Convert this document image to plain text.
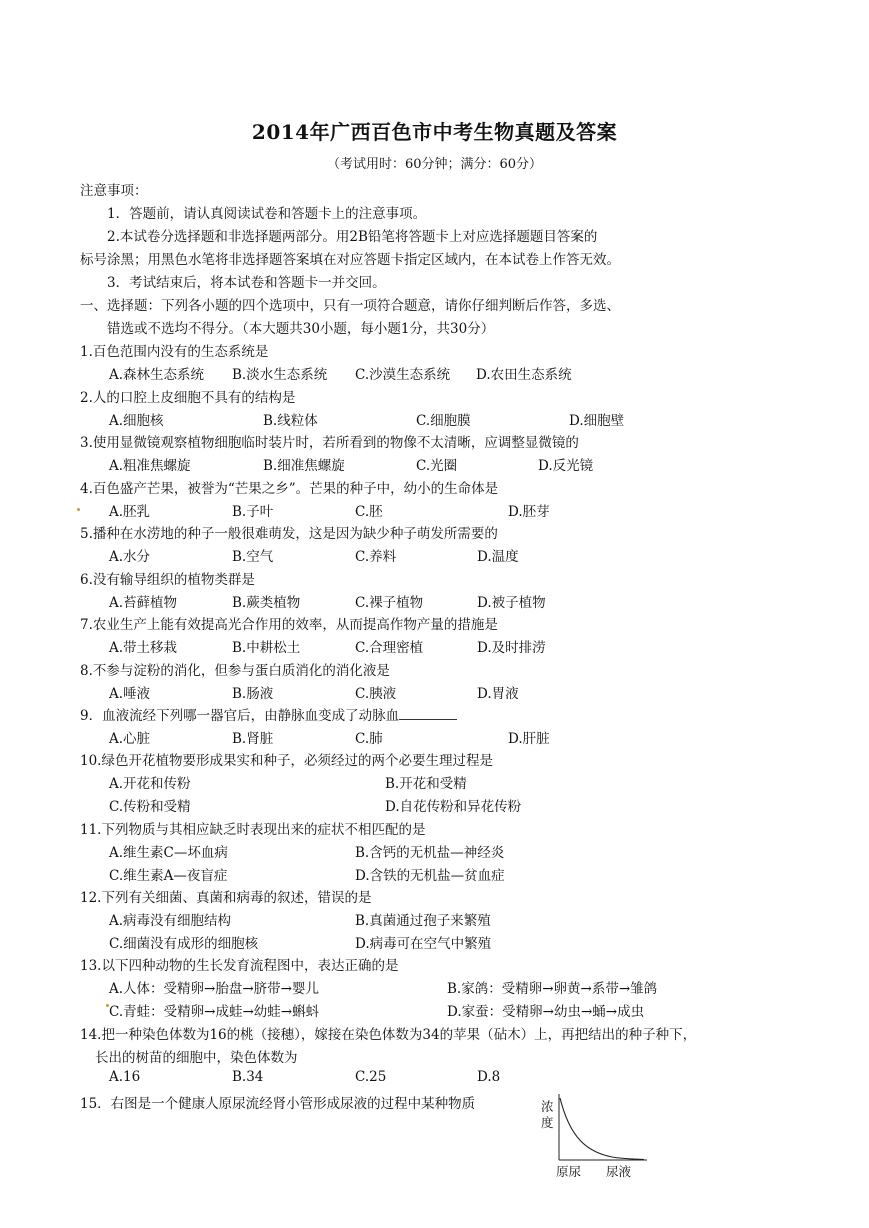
2014年广西百色市中考生物真题及答案
（考试用时：60分钟；满分：60分）
注意事项：
1．答题前，请认真阅读试卷和答题卡上的注意事项。
2.本试卷分选择题和非选择题两部分。用2B铅笔将答题卡上对应选择题题目答案的
标号涂黑；用黑色水笔将非选择题答案填在对应答题卡指定区域内，在本试卷上作答无效。
3．考试结束后，将本试卷和答题卡一并交回。
一、选择题：下列各小题的四个选项中，只有一项符合题意，请你仔细判断后作答，多选、
错选或不选均不得分。（本大题共30小题，每小题1分，共30分）
1.百色范围内没有的生态系统是
A.森林生态系统 B.淡水生态系统 C.沙漠生态系统 D.农田生态系统
2.人的口腔上皮细胞不具有的结构是
A.细胞核	B.线粒体	C.细胞膜	D.细胞壁
3.使用显微镜观察植物细胞临时装片时，若所看到的物像不太清晰，应调整显微镜的
A.粗准焦螺旋	B.细准焦螺旋	C.光圈	D.反光镜
4.百色盛产芒果，被誉为“芒果之乡”。芒果的种子中，幼小的生命体是
A.胚乳	B.子叶	C.胚	D.胚芽
5.播种在水涝地的种子一般很难萌发，这是因为缺少种子萌发所需要的
A.水分	B.空气	C.养料	D.温度
6.没有输导组织的植物类群是
A.苔藓植物	B.蕨类植物	C.裸子植物	D.被子植物
7.农业生产上能有效提高光合作用的效率，从而提高作物产量的措施是
A.带土移栽	B.中耕松土	C.合理密植	D.及时排涝
8.不参与淀粉的消化，但参与蛋白质消化的消化液是
A.唾液	B.肠液	C.胰液	D.胃液
9．血液流经下列哪一器官后，由静脉血变成了动脉血
A.心脏	B.肾脏	C.肺	D.肝脏
10.绿色开花植物要形成果实和种子，必须经过的两个必要生理过程是
A.开花和传粉	B.开花和受精
C.传粉和受精	D.自花传粉和异花传粉
11.下列物质与其相应缺乏时表现出来的症状不相匹配的是
A.维生素C—坏血病	B.含钙的无机盐—神经炎
C.维生素A—夜盲症	D.含铁的无机盐—贫血症
12.下列有关细菌、真菌和病毒的叙述，错误的是
A.病毒没有细胞结构	B.真菌通过孢子来繁殖
C.细菌没有成形的细胞核	D.病毒可在空气中繁殖
13.以下四种动物的生长发育流程图中，表达正确的是
A.人体：受精卵→胎盘→脐带→婴儿	B.家鸽：受精卵→卵黄→系带→雏鸽
C.青蛙：受精卵→成蛙→幼蛙→蝌蚪	D.家蚕：受精卵→幼虫→蛹→成虫
14.把一种染色体数为16的桃（接穗），嫁接在染色体数为34的苹果（砧木）上，再把结出的种子种下，
长出的树苗的细胞中，染色体数为
A.16	B.34	C.25	D.8
15．右图是一个健康人原尿流经肾小管形成尿液的过程中某种物质	浓
度
原尿 尿液
